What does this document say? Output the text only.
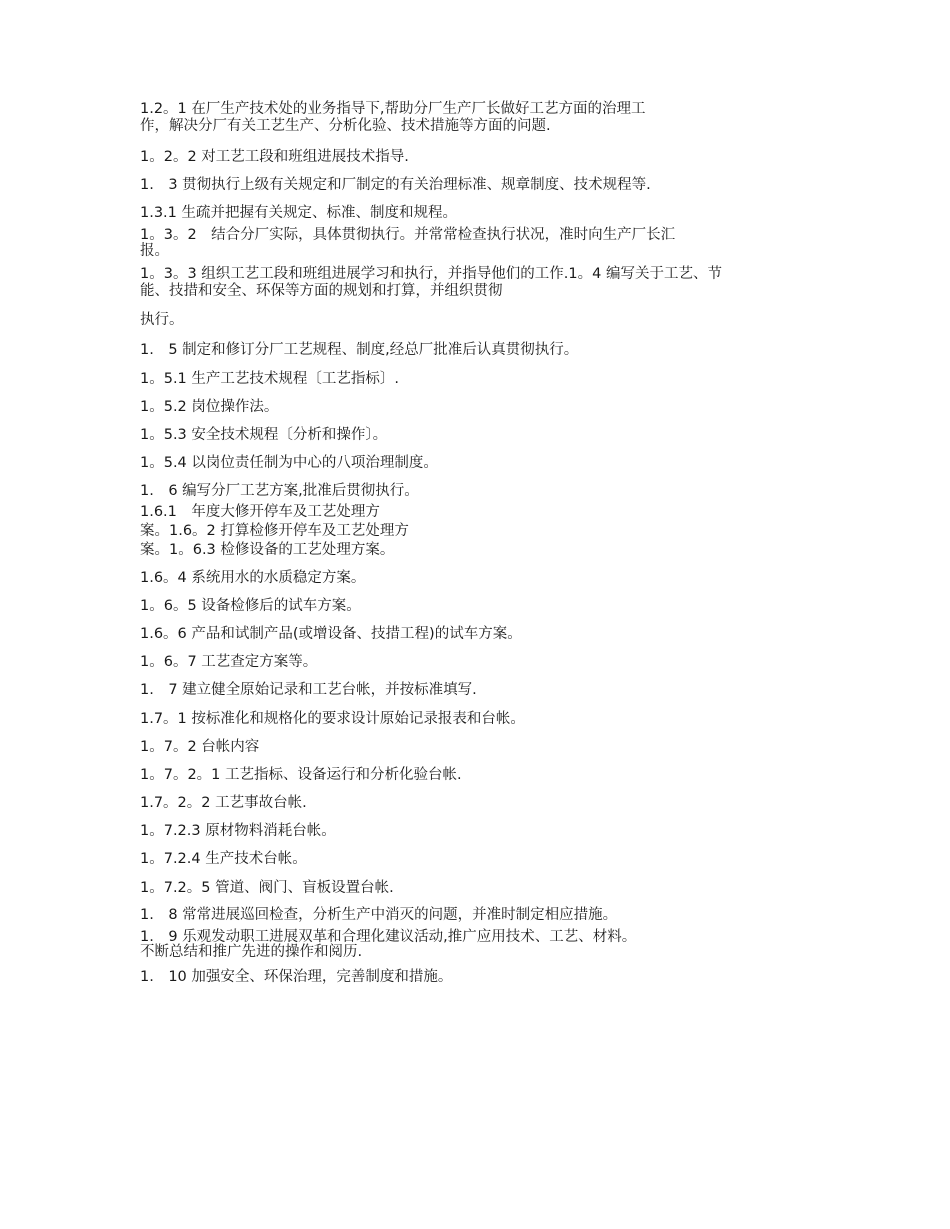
1.2。1 在厂生产技术处的业务指导下,帮助分厂生产厂长做好工艺方面的治理工
作，解决分厂有关工艺生产、分析化验、技术措施等方面的问题.
1。2。2 对工艺工段和班组进展技术指导.
1.　3 贯彻执行上级有关规定和厂制定的有关治理标准、规章制度、技术规程等.
1.3.1 生疏并把握有关规定、标准、制度和规程。
1。3。2　结合分厂实际，具体贯彻执行。并常常检查执行状况，准时向生产厂长汇
报。
1。3。3 组织工艺工段和班组进展学习和执行，并指导他们的工作.1。4 编写关于工艺、节
能、技措和安全、环保等方面的规划和打算，并组织贯彻
执行。
1.　5 制定和修订分厂工艺规程、制度,经总厂批准后认真贯彻执行。
1。5.1 生产工艺技术规程〔工艺指标〕.
1。5.2 岗位操作法。
1。5.3 安全技术规程〔分析和操作〕。
1。5.4 以岗位责任制为中心的八项治理制度。
1.　6 编写分厂工艺方案,批准后贯彻执行。
1.6.1　年度大修开停车及工艺处理方
案。1.6。2 打算检修开停车及工艺处理方
案。1。6.3 检修设备的工艺处理方案。
1.6。4 系统用水的水质稳定方案。
1。6。5 设备检修后的试车方案。
1.6。6 产品和试制产品(或增设备、技措工程)的试车方案。
1。6。7 工艺查定方案等。
1.　7 建立健全原始记录和工艺台帐，并按标准填写.
1.7。1 按标准化和规格化的要求设计原始记录报表和台帐。
1。7。2 台帐内容
1。7。2。1 工艺指标、设备运行和分析化验台帐.
1.7。2。2 工艺事故台帐.
1。7.2.3 原材物料消耗台帐。
1。7.2.4 生产技术台帐。
1。7.2。5 管道、阀门、盲板设置台帐.
1.　8 常常进展巡回检查，分析生产中消灭的问题，并准时制定相应措施。
1.　9 乐观发动职工进展双革和合理化建议活动,推广应用技术、工艺、材料。
不断总结和推广先进的操作和阅历.
1.　10 加强安全、环保治理，完善制度和措施。
